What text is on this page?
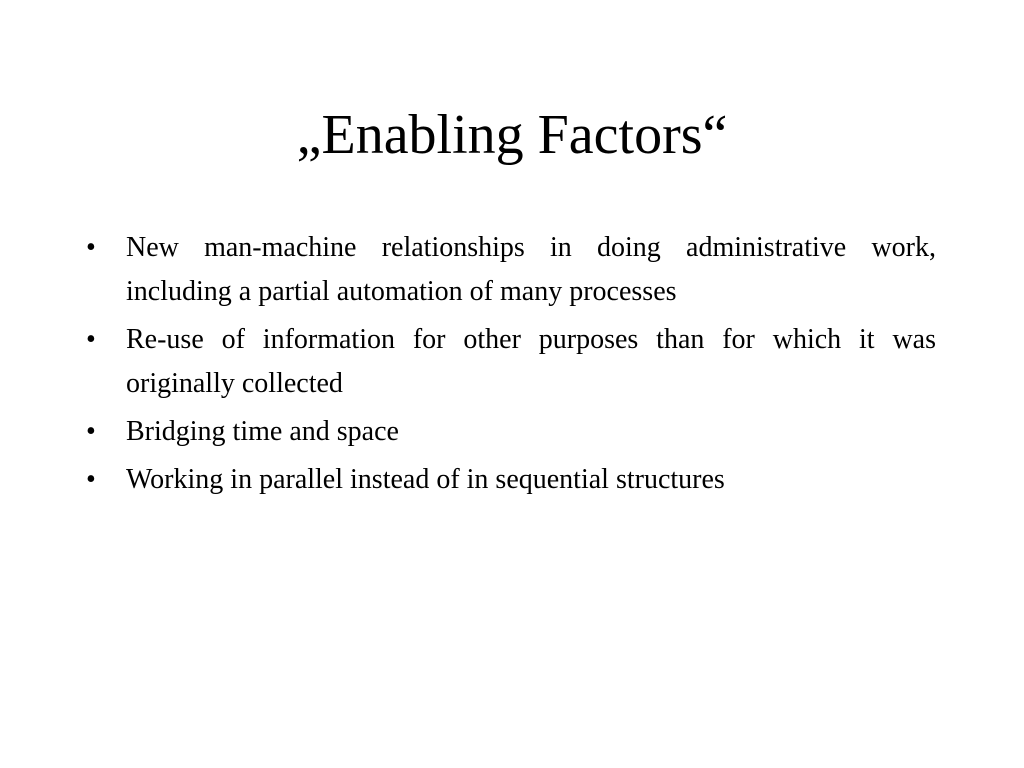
„Enabling Factors“
•	New man-machine relationships in doing administrative work, including a partial automation of many processes
•	Re-use of information for other purposes than for which it was originally collected
•	Bridging time and space
•	Working in parallel instead of in sequential structures
